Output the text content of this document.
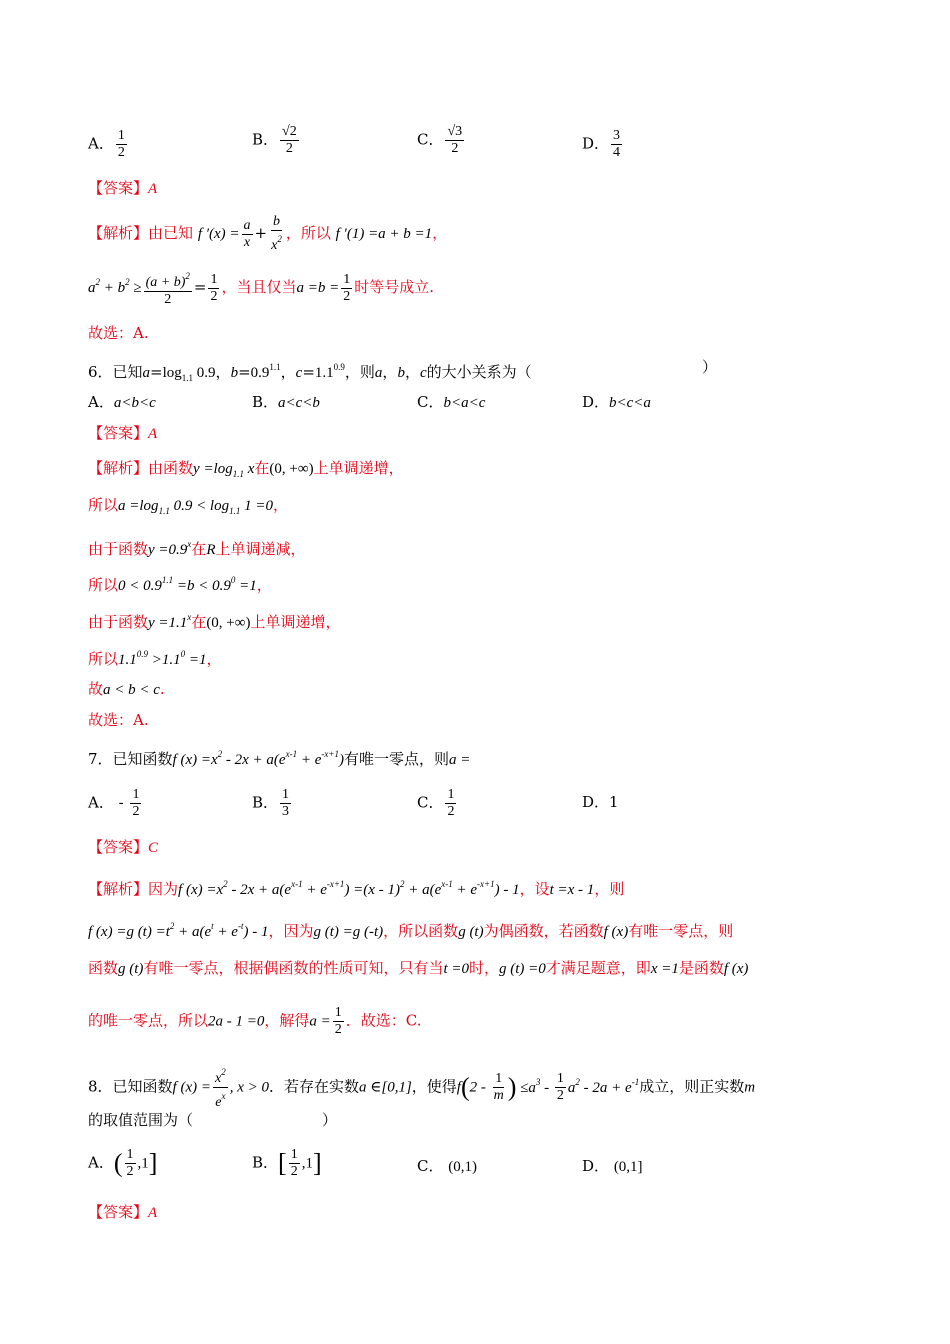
A． $\frac{1}{2}$	B． $\frac{√2}{2}$	C． $\frac{√3}{2}$	D． $\frac{3}{4}$
【答案】A
【解析】由已知 f $'(x) = \frac{a}{x} + \frac{b}{x^2}$ ，所以 f ′(1) =a + b =1，
$a^2 + b^2 \ge \frac{(a + b)^2}{2} = \frac{1}{2}$ ，当且仅当$a =b = \frac{1}{2}$ 时等号成立.
故选：A.
6．已知$a=\log_{1.1}$ 0.9，$b=0.9^{1.1}$，$c=1.1^{0.9}$，则a，b，c的大小关系为（	）
A．a<b<c	B．a<c<b	C．b<a<c	D．b<c<a
【答案】A
【解析】由函数$y =\log_{1.1}$ x在(0, +∞)上单调递增，
所以$a =\log_{1.1}$ $0.9 < \log_{1.1} 1 =0$，
由于函数$y =0.9^x$在R上单调递减，
所以$0 < 0.9^{1.1} =b < 0.9^0 =1$，
由于函数$y =1.1^x$在(0, +∞)上单调递增，
所以$1.1^{0.9} >1.1^0 =1$，
故a < b < c.
故选：A.
7．已知函数f $(x) =x^2 - 2x + a(e^{x-1} + e^{-x+1})$有唯一零点，则a =
A． - $\frac{1}{2}$	B． $\frac{1}{3}$	C． $\frac{1}{2}$	D．1
【答案】C
【解析】因为f $(x) =x^2 - 2x + a(e^{x-1} + e^{-x+1}) =(x - 1)^2 + a(e^{x-1} + e^{-x+1}) - 1$，设t =x - 1，则
f (x) =g $(t) =t^2 + a(e^t + e^{-t}) - 1$，因为g (t) =g (-t)，所以函数g (t)为偶函数，若函数f (x)有唯一零点，则
函数g (t)有唯一零点，根据偶函数的性质可知，只有当t =0时，g (t) =0才满足题意，即x =1是函数f (x)
的唯一零点，所以2a - 1 =0，解得$a = \frac{1}{2}$ ．故选：C.
8．已知函数f $(x) = \frac{x^2}{e^x}$ , x > 0．若存在实数a ∈[0,1]，使得$f(2 - \frac{1}{m}$ ) $\le a^3 - \frac{1}{2} a^2 - 2a + e^{-1}$成立，则正实数m
的取值范围为（	）
A．( $\frac{1}{2} ,1$]	B．[ $\frac{1}{2} ,1$]	C． (0,1)	D． (0,1]
【答案】A
